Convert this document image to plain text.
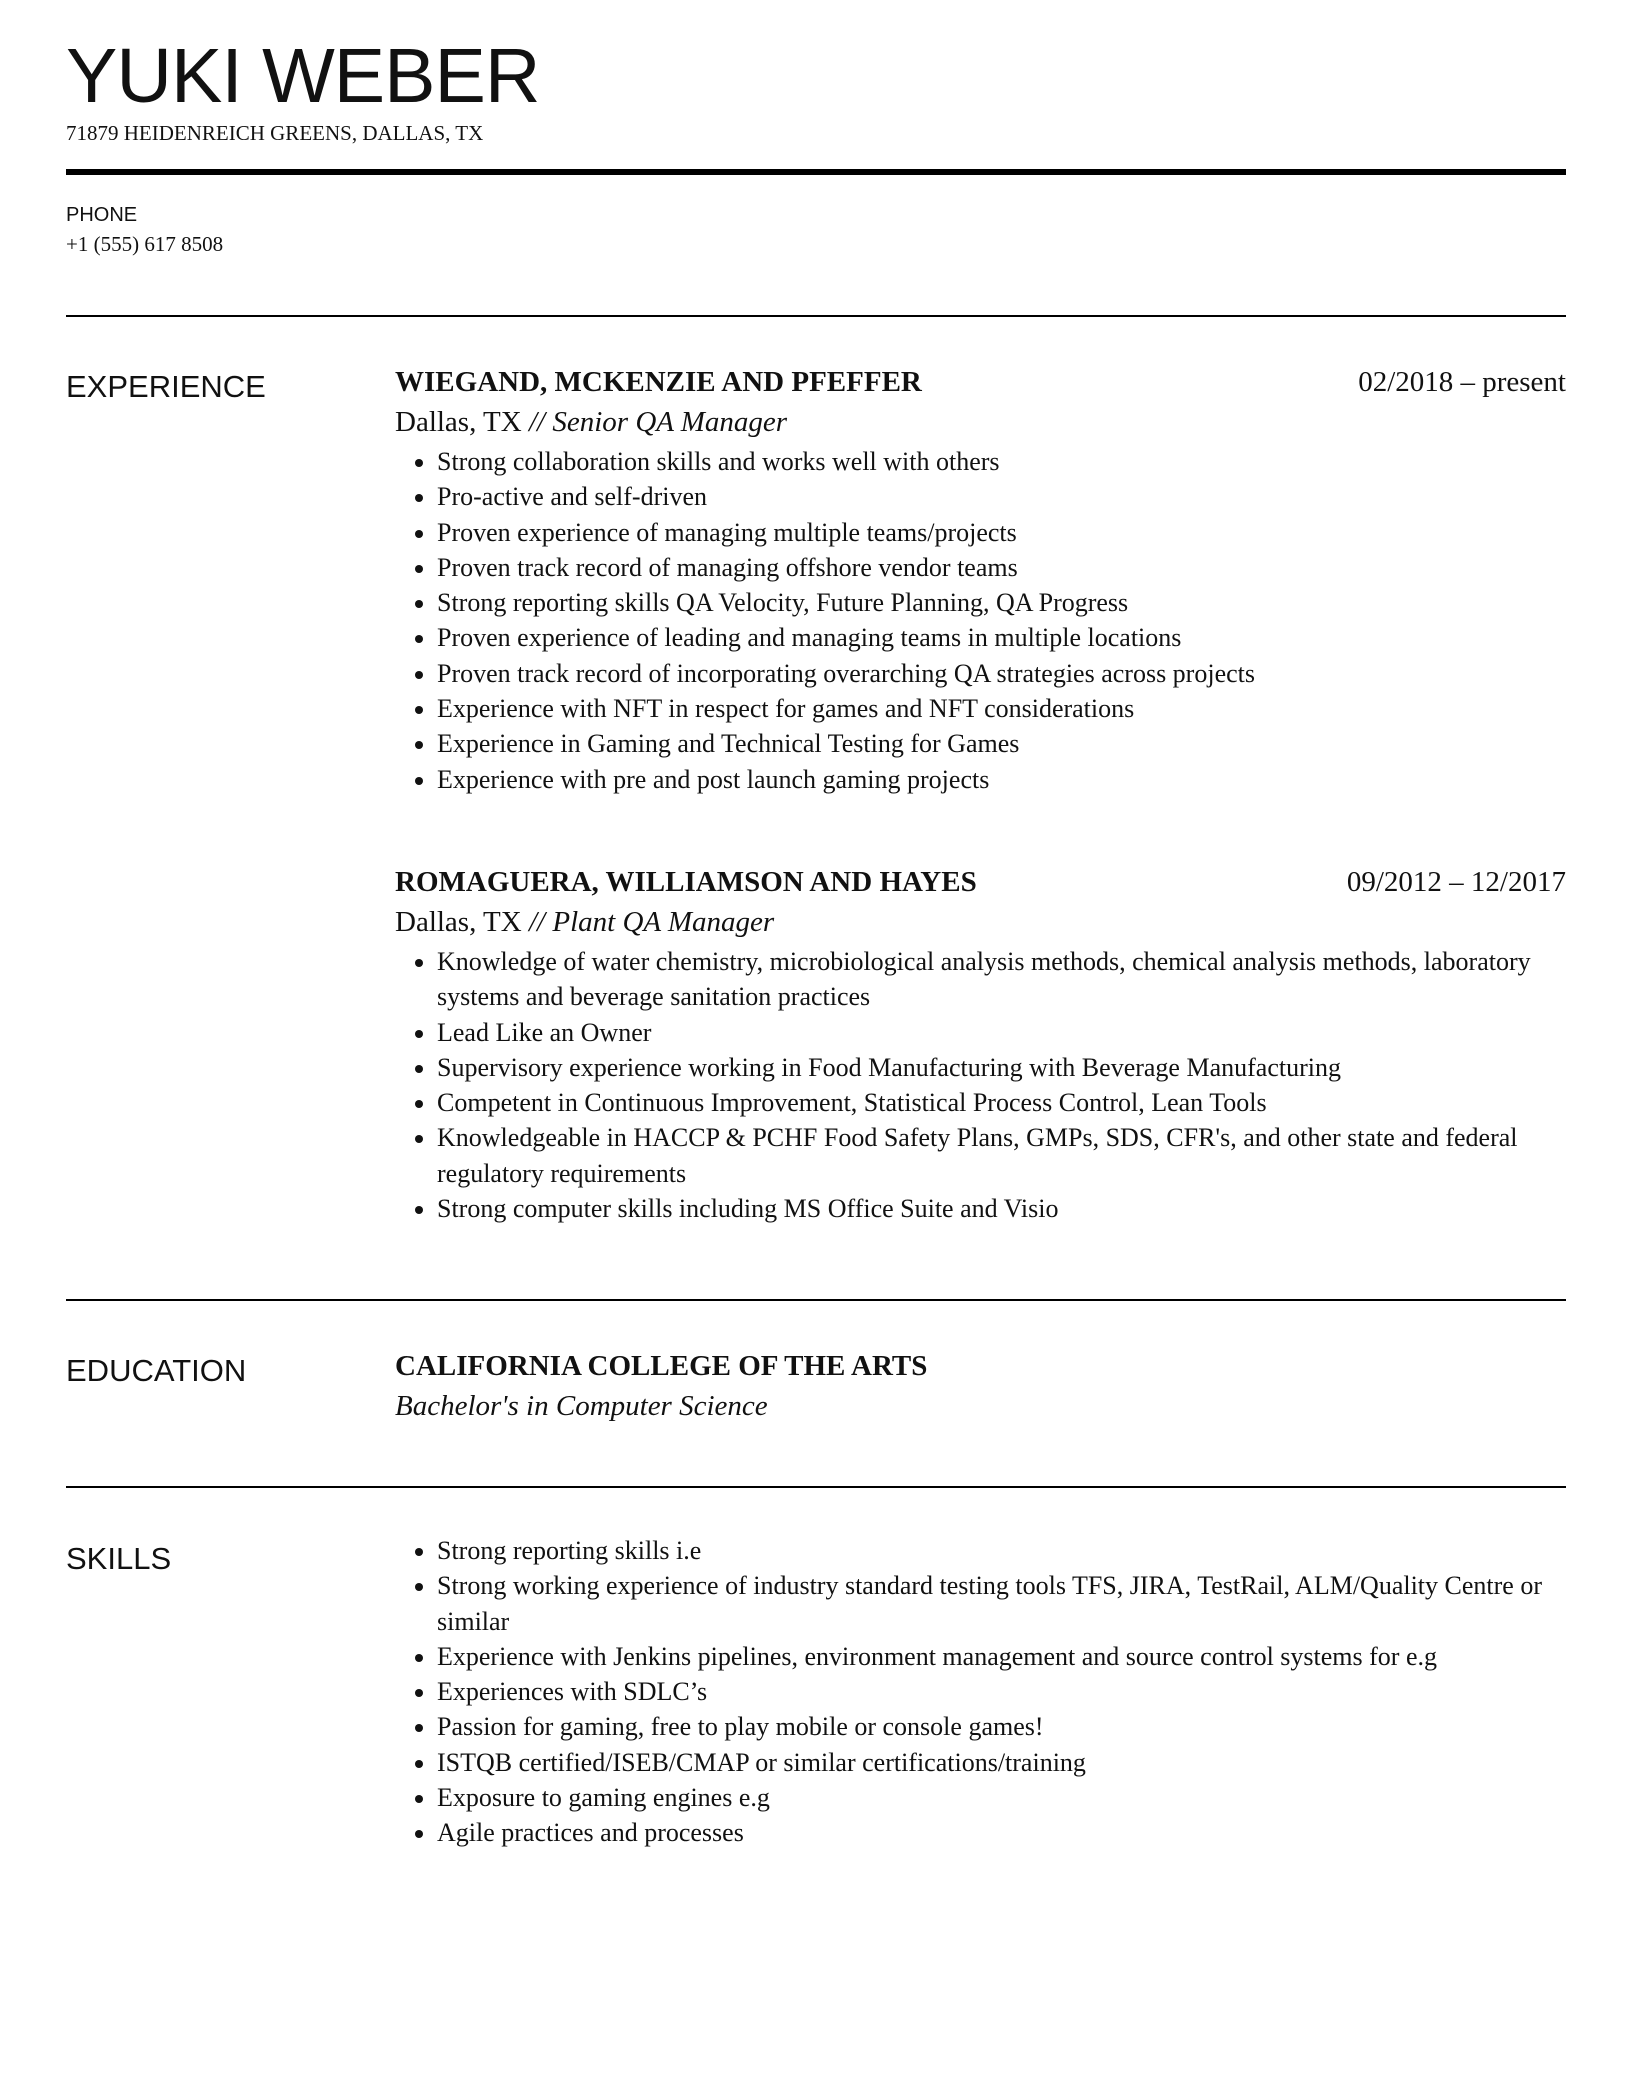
YUKI WEBER
71879 HEIDENREICH GREENS, DALLAS, TX
PHONE
+1 (555) 617 8508
EXPERIENCE	WIEGAND, MCKENZIE AND PFEFFER	02/2018 – present
Dallas, TX // Senior QA Manager
• Strong collaboration skills and works well with others
• Pro-active and self-driven
• Proven experience of managing multiple teams/projects
• Proven track record of managing offshore vendor teams
• Strong reporting skills QA Velocity, Future Planning, QA Progress
• Proven experience of leading and managing teams in multiple locations
• Proven track record of incorporating overarching QA strategies across projects
• Experience with NFT in respect for games and NFT considerations
• Experience in Gaming and Technical Testing for Games
• Experience with pre and post launch gaming projects
ROMAGUERA, WILLIAMSON AND HAYES	09/2012 – 12/2017
Dallas, TX // Plant QA Manager
• Knowledge of water chemistry, microbiological analysis methods, chemical analysis methods, laboratory systems and beverage sanitation practices
• Lead Like an Owner
• Supervisory experience working in Food Manufacturing with Beverage Manufacturing
• Competent in Continuous Improvement, Statistical Process Control, Lean Tools
• Knowledgeable in HACCP & PCHF Food Safety Plans, GMPs, SDS, CFR's, and other state and federal regulatory requirements
• Strong computer skills including MS Office Suite and Visio
EDUCATION	CALIFORNIA COLLEGE OF THE ARTS
Bachelor's in Computer Science
SKILLS
•	Strong reporting skills i.e
• Strong working experience of industry standard testing tools TFS, JIRA, TestRail, ALM/Quality Centre or similar
• Experience with Jenkins pipelines, environment management and source control systems for e.g
• Experiences with SDLC’s
• Passion for gaming, free to play mobile or console games!
• ISTQB certified/ISEB/CMAP or similar certifications/training
• Exposure to gaming engines e.g
• Agile practices and processes
